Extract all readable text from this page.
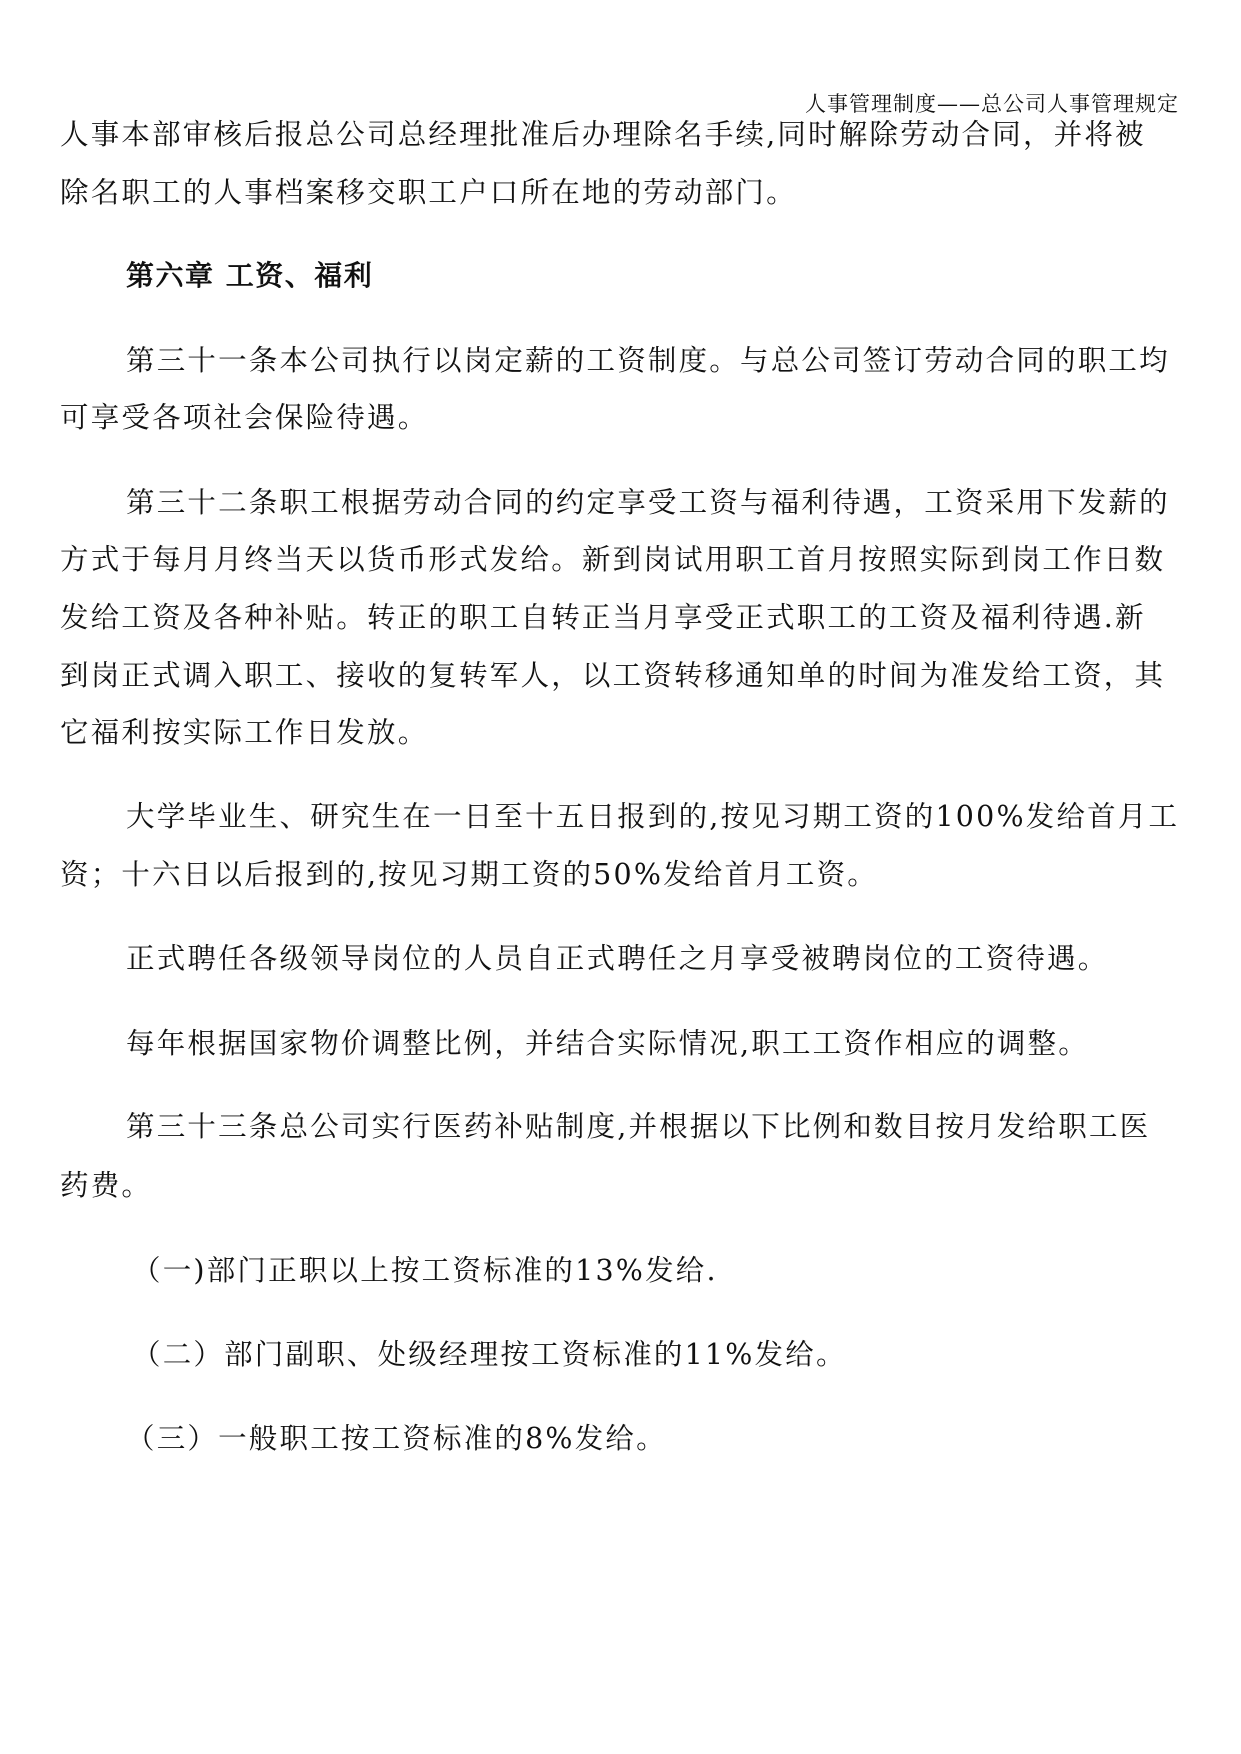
人事管理制度——总公司人事管理规定
人事本部审核后报总公司总经理批准后办理除名手续,同时解除劳动合同，并将被
除名职工的人事档案移交职工户口所在地的劳动部门。
第六章 工资、福利
第三十一条本公司执行以岗定薪的工资制度。与总公司签订劳动合同的职工均
可享受各项社会保险待遇。
第三十二条职工根据劳动合同的约定享受工资与福利待遇，工资采用下发薪的
方式于每月月终当天以货币形式发给。新到岗试用职工首月按照实际到岗工作日数
发给工资及各种补贴。转正的职工自转正当月享受正式职工的工资及福利待遇.新
到岗正式调入职工、接收的复转军人，以工资转移通知单的时间为准发给工资，其
它福利按实际工作日发放。
大学毕业生、研究生在一日至十五日报到的,按见习期工资的100%发给首月工
资；十六日以后报到的,按见习期工资的50%发给首月工资。
正式聘任各级领导岗位的人员自正式聘任之月享受被聘岗位的工资待遇。
每年根据国家物价调整比例，并结合实际情况,职工工资作相应的调整。
第三十三条总公司实行医药补贴制度,并根据以下比例和数目按月发给职工医
药费。
（一)部门正职以上按工资标准的13%发给.
（二）部门副职、处级经理按工资标准的11%发给。
（三）一般职工按工资标准的8%发给。
